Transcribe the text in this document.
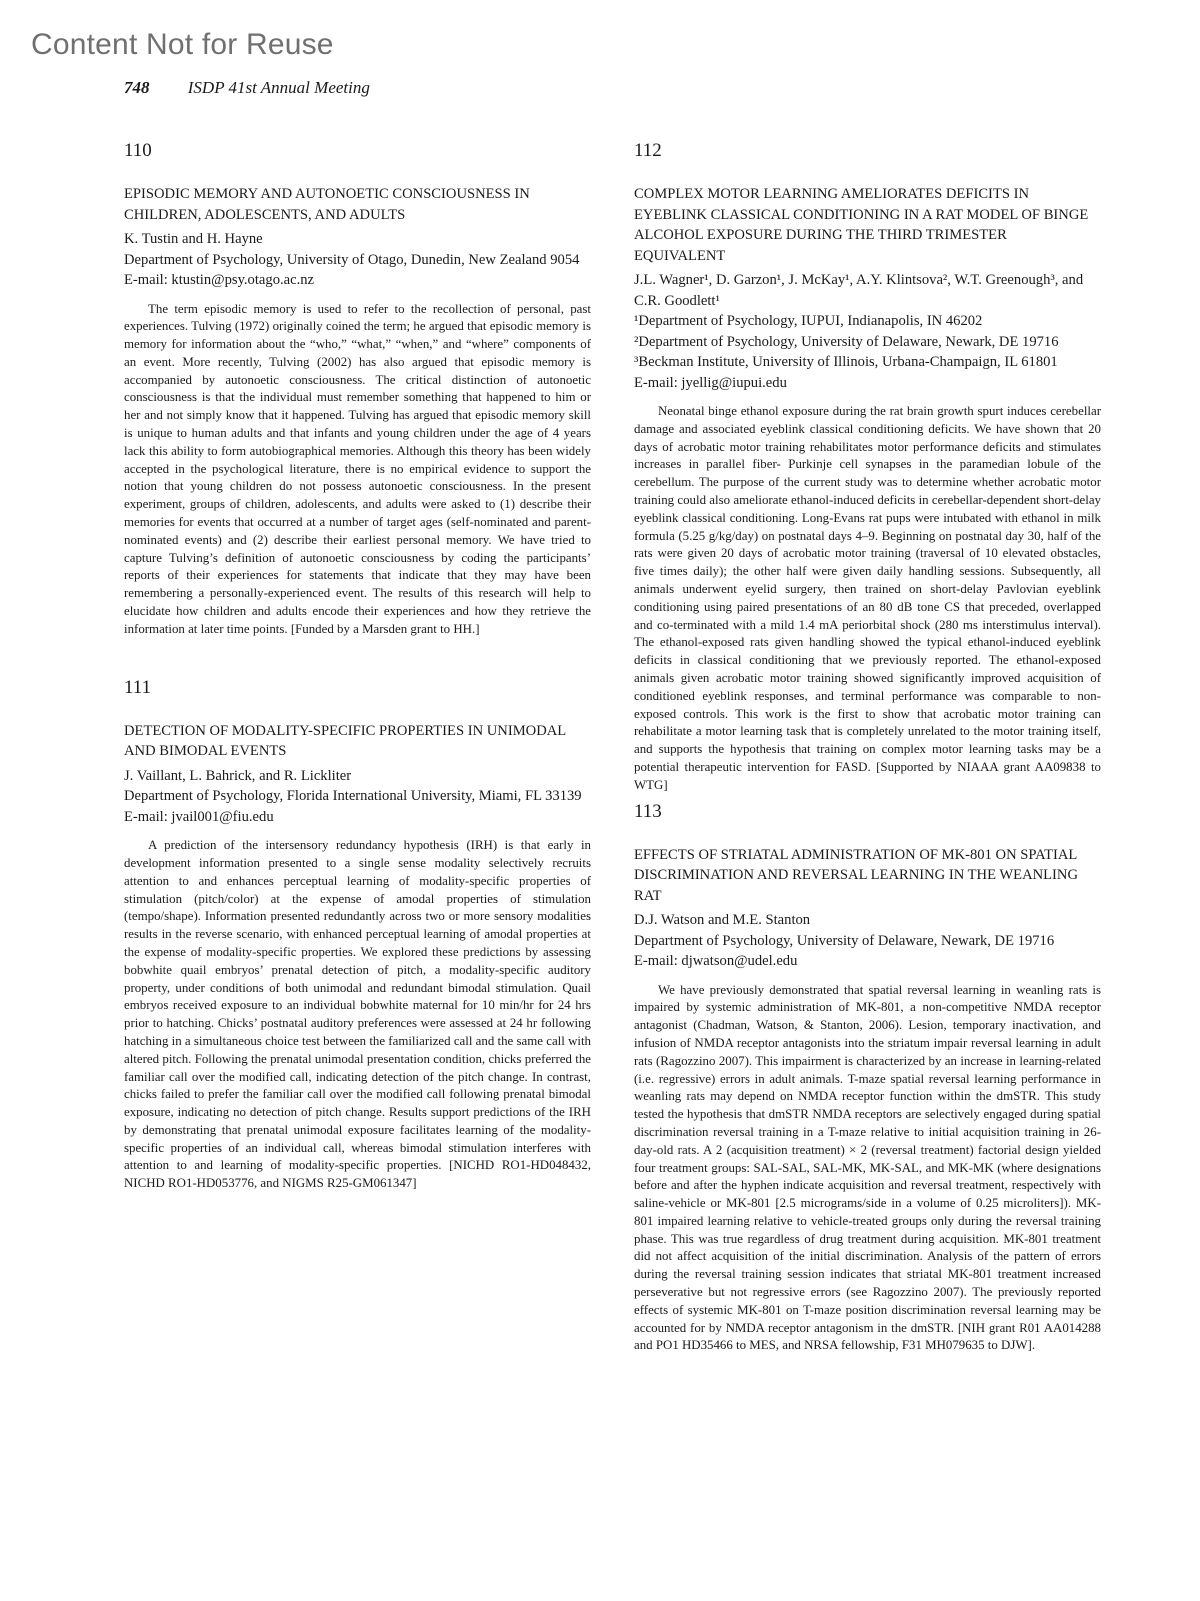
Content Not for Reuse
748 ISDP 41st Annual Meeting

110

EPISODIC MEMORY AND AUTONOETIC CONSCIOUSNESS IN CHILDREN, ADOLESCENTS, AND ADULTS

K. Tustin and H. Hayne

Department of Psychology, University of Otago, Dunedin, New Zealand 9054

E-mail: ktustin@psy.otago.ac.nz

The term episodic memory is used to refer to the recollection of personal, past experiences. Tulving (1972) originally coined the term; he argued that episodic memory is memory for information about the “who,” “what,” “when,” and “where” components of an event. More recently, Tulving (2002) has also argued that episodic memory is accompanied by autonoetic consciousness. The critical distinction of autonoetic consciousness is that the individual must remember something that happened to him or her and not simply know that it happened. Tulving has argued that episodic memory skill is unique to human adults and that infants and young children under the age of 4 years lack this ability to form autobiographical memories. Although this theory has been widely accepted in the psychological literature, there is no empirical evidence to support the notion that young children do not possess autonoetic consciousness. In the present experiment, groups of children, adolescents, and adults were asked to (1) describe their memories for events that occurred at a number of target ages (self-nominated and parent-nominated events) and (2) describe their earliest personal memory. We have tried to capture Tulving’s definition of autonoetic consciousness by coding the participants’ reports of their experiences for statements that indicate that they may have been remembering a personally-experienced event. The results of this research will help to elucidate how children and adults encode their experiences and how they retrieve the information at later time points. [Funded by a Marsden grant to HH.]

111

DETECTION OF MODALITY-SPECIFIC PROPERTIES IN UNIMODAL AND BIMODAL EVENTS

J. Vaillant, L. Bahrick, and R. Lickliter

Department of Psychology, Florida International University, Miami, FL 33139

E-mail: jvail001@fiu.edu

A prediction of the intersensory redundancy hypothesis (IRH) is that early in development information presented to a single sense modality selectively recruits attention to and enhances perceptual learning of modality-specific properties of stimulation (pitch/color) at the expense of amodal properties of stimulation (tempo/shape). Information presented redundantly across two or more sensory modalities results in the reverse scenario, with enhanced perceptual learning of amodal properties at the expense of modality-specific properties. We explored these predictions by assessing bobwhite quail embryos’ prenatal detection of pitch, a modality-specific auditory property, under conditions of both unimodal and redundant bimodal stimulation. Quail embryos received exposure to an individual bobwhite maternal for 10 min/hr for 24 hrs prior to hatching. Chicks’ postnatal auditory preferences were assessed at 24 hr following hatching in a simultaneous choice test between the familiarized call and the same call with altered pitch. Following the prenatal unimodal presentation condition, chicks preferred the familiar call over the modified call, indicating detection of the pitch change. In contrast, chicks failed to prefer the familiar call over the modified call following prenatal bimodal exposure, indicating no detection of pitch change. Results support predictions of the IRH by demonstrating that prenatal unimodal exposure facilitates learning of the modality-specific properties of an individual call, whereas bimodal stimulation interferes with attention to and learning of modality-specific properties. [NICHD RO1-HD048432, NICHD RO1-HD053776, and NIGMS R25-GM061347]

112

COMPLEX MOTOR LEARNING AMELIORATES DEFICITS IN EYEBLINK CLASSICAL CONDITIONING IN A RAT MODEL OF BINGE ALCOHOL EXPOSURE DURING THE THIRD TRIMESTER EQUIVALENT

J.L. Wagner¹, D. Garzon¹, J. McKay¹, A.Y. Klintsova², W.T. Greenough³, and C.R. Goodlett¹

¹Department of Psychology, IUPUI, Indianapolis, IN 46202

²Department of Psychology, University of Delaware, Newark, DE 19716

³Beckman Institute, University of Illinois, Urbana-Champaign, IL 61801

E-mail: jyellig@iupui.edu

Neonatal binge ethanol exposure during the rat brain growth spurt induces cerebellar damage and associated eyeblink classical conditioning deficits. We have shown that 20 days of acrobatic motor training rehabilitates motor performance deficits and stimulates increases in parallel fiber- Purkinje cell synapses in the paramedian lobule of the cerebellum. The purpose of the current study was to determine whether acrobatic motor training could also ameliorate ethanol-induced deficits in cerebellar-dependent short-delay eyeblink classical conditioning. Long-Evans rat pups were intubated with ethanol in milk formula (5.25 g/kg/day) on postnatal days 4–9. Beginning on postnatal day 30, half of the rats were given 20 days of acrobatic motor training (traversal of 10 elevated obstacles, five times daily); the other half were given daily handling sessions. Subsequently, all animals underwent eyelid surgery, then trained on short-delay Pavlovian eyeblink conditioning using paired presentations of an 80 dB tone CS that preceded, overlapped and co-terminated with a mild 1.4 mA periorbital shock (280 ms interstimulus interval). The ethanol-exposed rats given handling showed the typical ethanol-induced eyeblink deficits in classical conditioning that we previously reported. The ethanol-exposed animals given acrobatic motor training showed significantly improved acquisition of conditioned eyeblink responses, and terminal performance was comparable to non-exposed controls. This work is the first to show that acrobatic motor training can rehabilitate a motor learning task that is completely unrelated to the motor training itself, and supports the hypothesis that training on complex motor learning tasks may be a potential therapeutic intervention for FASD. [Supported by NIAAA grant AA09838 to WTG]

113

EFFECTS OF STRIATAL ADMINISTRATION OF MK-801 ON SPATIAL DISCRIMINATION AND REVERSAL LEARNING IN THE WEANLING RAT

D.J. Watson and M.E. Stanton

Department of Psychology, University of Delaware, Newark, DE 19716

E-mail: djwatson@udel.edu

We have previously demonstrated that spatial reversal learning in weanling rats is impaired by systemic administration of MK-801, a non-competitive NMDA receptor antagonist (Chadman, Watson, & Stanton, 2006). Lesion, temporary inactivation, and infusion of NMDA receptor antagonists into the striatum impair reversal learning in adult rats (Ragozzino 2007). This impairment is characterized by an increase in learning-related (i.e. regressive) errors in adult animals. T-maze spatial reversal learning performance in weanling rats may depend on NMDA receptor function within the dmSTR. This study tested the hypothesis that dmSTR NMDA receptors are selectively engaged during spatial discrimination reversal training in a T-maze relative to initial acquisition training in 26-day-old rats. A 2 (acquisition treatment) × 2 (reversal treatment) factorial design yielded four treatment groups: SAL-SAL, SAL-MK, MK-SAL, and MK-MK (where designations before and after the hyphen indicate acquisition and reversal treatment, respectively with saline-vehicle or MK-801 [2.5 micrograms/side in a volume of 0.25 microliters]). MK-801 impaired learning relative to vehicle-treated groups only during the reversal training phase. This was true regardless of drug treatment during acquisition. MK-801 treatment did not affect acquisition of the initial discrimination. Analysis of the pattern of errors during the reversal training session indicates that striatal MK-801 treatment increased perseverative but not regressive errors (see Ragozzino 2007). The previously reported effects of systemic MK-801 on T-maze position discrimination reversal learning may be accounted for by NMDA receptor antagonism in the dmSTR. [NIH grant R01 AA014288 and PO1 HD35466 to MES, and NRSA fellowship, F31 MH079635 to DJW].
